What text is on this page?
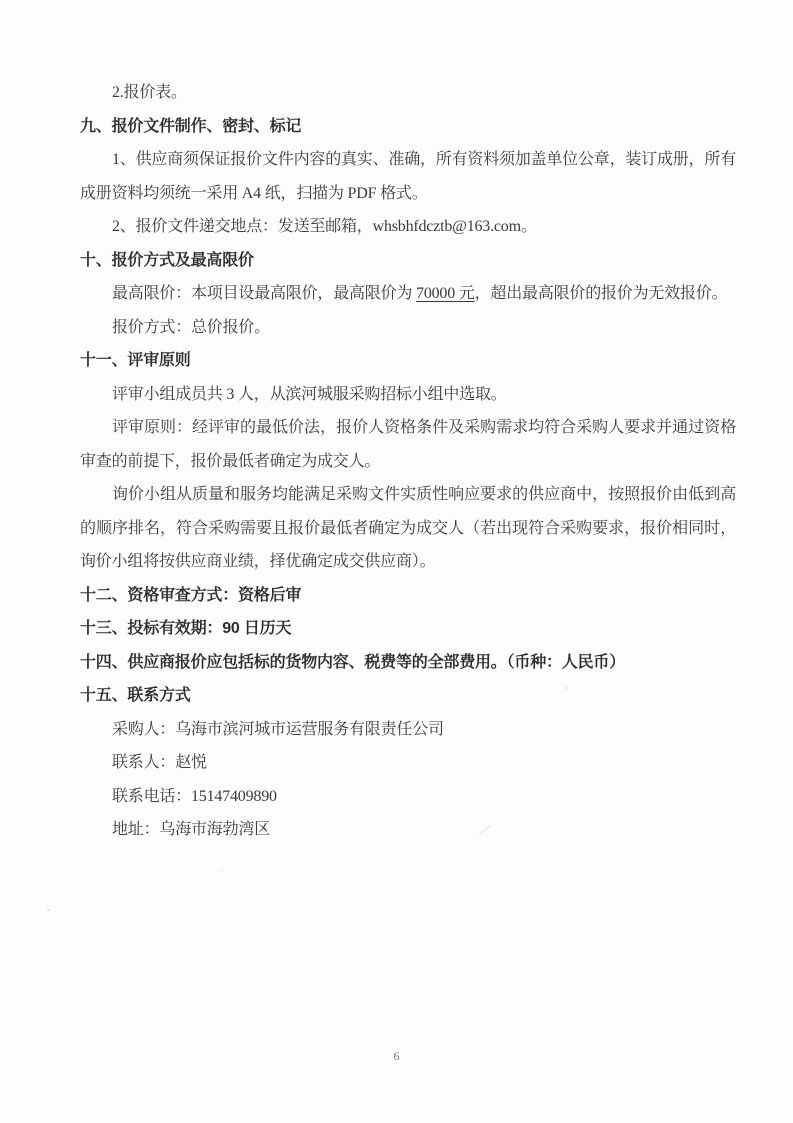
2.报价表。

九、报价文件制作、密封、标记

1、供应商须保证报价文件内容的真实、准确，所有资料须加盖单位公章，装订成册，所有成册资料均须统一采用 A4 纸，扫描为 PDF 格式。

2、报价文件递交地点：发送至邮箱，whsbhfdcztb@163.com。

十、报价方式及最高限价

最高限价：本项目设最高限价，最高限价为 70000 元，超出最高限价的报价为无效报价。

报价方式：总价报价。

十一、评审原则

评审小组成员共 3 人，从滨河城服采购招标小组中选取。

评审原则：经评审的最低价法，报价人资格条件及采购需求均符合采购人要求并通过资格审查的前提下，报价最低者确定为成交人。

询价小组从质量和服务均能满足采购文件实质性响应要求的供应商中，按照报价由低到高的顺序排名，符合采购需要且报价最低者确定为成交人（若出现符合采购要求，报价相同时，询价小组将按供应商业绩，择优确定成交供应商）。

十二、资格审查方式：资格后审

十三、投标有效期：90 日历天

十四、供应商报价应包括标的货物内容、税费等的全部费用。（币种：人民币）

十五、联系方式

采购人：乌海市滨河城市运营服务有限责任公司

联系人：赵悦

联系电话：15147409890

地址：乌海市海勃湾区

6
